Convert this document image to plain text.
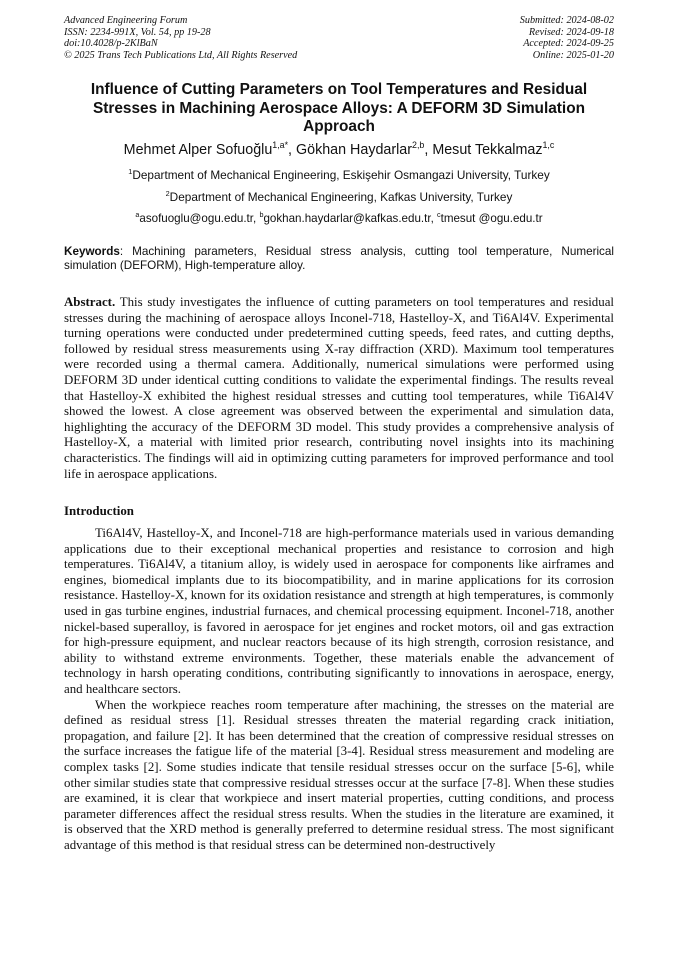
Advanced Engineering Forum
ISSN: 2234-991X, Vol. 54, pp 19-28
doi:10.4028/p-2KlBaN
© 2025 Trans Tech Publications Ltd, All Rights Reserved
Submitted: 2024-08-02
Revised: 2024-09-18
Accepted: 2024-09-25
Online: 2025-01-20
Influence of Cutting Parameters on Tool Temperatures and Residual Stresses in Machining Aerospace Alloys: A DEFORM 3D Simulation Approach
Mehmet Alper Sofuoğlu$^{1,a*}$, Gökhan Haydarlar$^{2,b}$, Mesut Tekkalmaz$^{1,c}$
$^1$Department of Mechanical Engineering, Eskişehir Osmangazi University, Turkey
$^2$Department of Mechanical Engineering, Kafkas University, Turkey
$^a$asofuoglu@ogu.edu.tr, $^b$gokhan.haydarlar@kafkas.edu.tr, $^c$tmesut @ogu.edu.tr
Keywords: Machining parameters, Residual stress analysis, cutting tool temperature, Numerical simulation (DEFORM), High-temperature alloy.
Abstract. This study investigates the influence of cutting parameters on tool temperatures and residual stresses during the machining of aerospace alloys Inconel-718, Hastelloy-X, and Ti6Al4V. Experimental turning operations were conducted under predetermined cutting speeds, feed rates, and cutting depths, followed by residual stress measurements using X-ray diffraction (XRD). Maximum tool temperatures were recorded using a thermal camera. Additionally, numerical simulations were performed using DEFORM 3D under identical cutting conditions to validate the experimental findings. The results reveal that Hastelloy-X exhibited the highest residual stresses and cutting tool temperatures, while Ti6Al4V showed the lowest. A close agreement was observed between the experimental and simulation data, highlighting the accuracy of the DEFORM 3D model. This study provides a comprehensive analysis of Hastelloy-X, a material with limited prior research, contributing novel insights into its machining characteristics. The findings will aid in optimizing cutting parameters for improved performance and tool life in aerospace applications.
Introduction

Ti6Al4V, Hastelloy-X, and Inconel-718 are high-performance materials used in various demanding applications due to their exceptional mechanical properties and resistance to corrosion and high temperatures. Ti6Al4V, a titanium alloy, is widely used in aerospace for components like airframes and engines, biomedical implants due to its biocompatibility, and in marine applications for its corrosion resistance. Hastelloy-X, known for its oxidation resistance and strength at high temperatures, is commonly used in gas turbine engines, industrial furnaces, and chemical processing equipment. Inconel-718, another nickel-based superalloy, is favored in aerospace for jet engines and rocket motors, oil and gas extraction for high-pressure equipment, and nuclear reactors because of its high strength, corrosion resistance, and ability to withstand extreme environments. Together, these materials enable the advancement of technology in harsh operating conditions, contributing significantly to innovations in aerospace, energy, and healthcare sectors.

When the workpiece reaches room temperature after machining, the stresses on the material are defined as residual stress [1]. Residual stresses threaten the material regarding crack initiation, propagation, and failure [2]. It has been determined that the creation of compressive residual stresses on the surface increases the fatigue life of the material [3-4]. Residual stress measurement and modeling are complex tasks [2]. Some studies indicate that tensile residual stresses occur on the surface [5-6], while other similar studies state that compressive residual stresses occur at the surface [7-8]. When these studies are examined, it is clear that workpiece and insert material properties, cutting conditions, and process parameter differences affect the residual stress results. When the studies in the literature are examined, it is observed that the XRD method is generally preferred to determine residual stress. The most significant advantage of this method is that residual stress can be determined non-destructively
